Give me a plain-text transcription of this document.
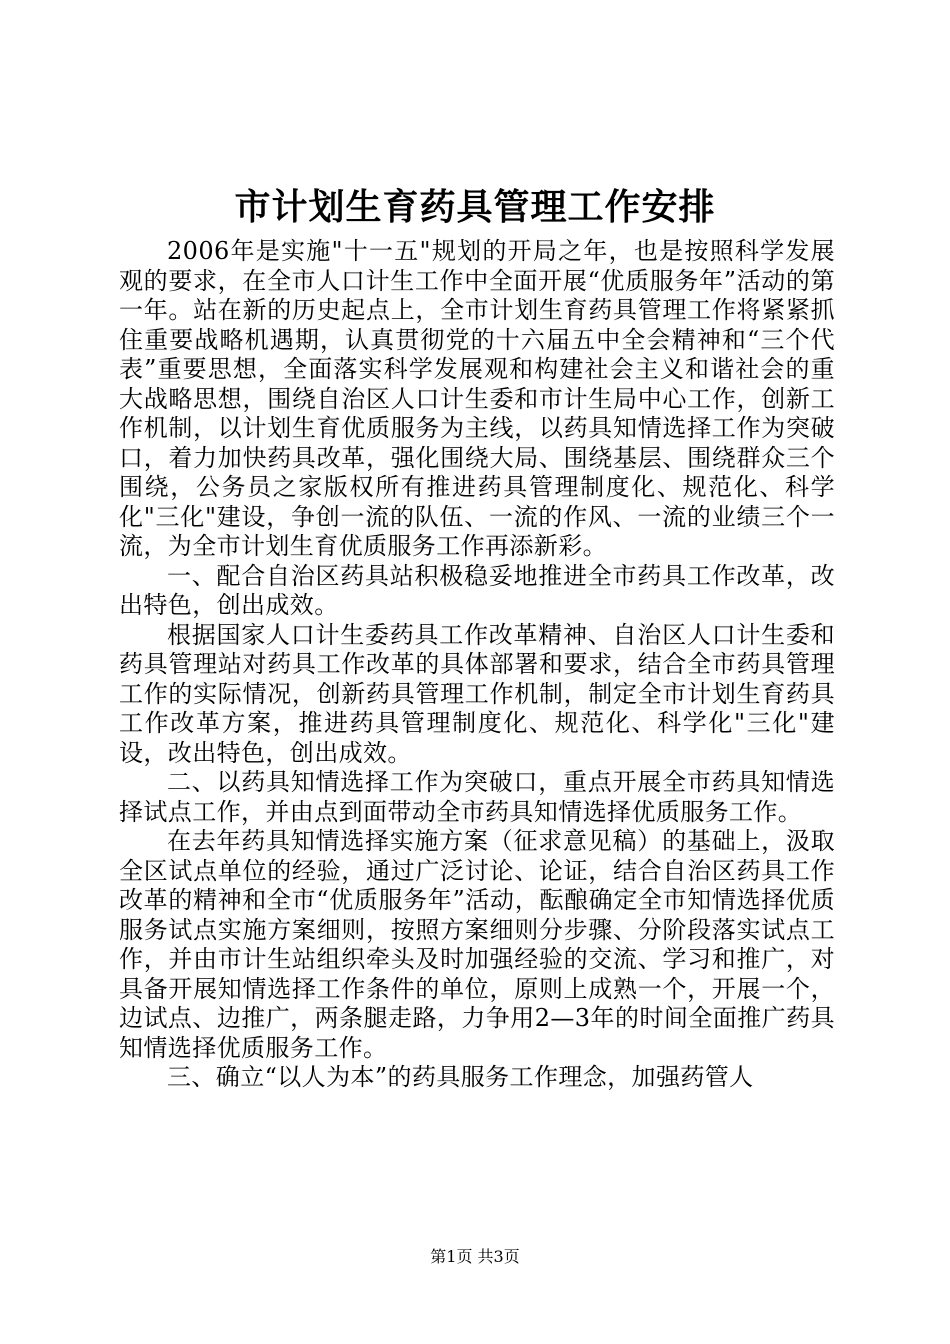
市计划生育药具管理工作安排

2006年是实施"十一五"规划的开局之年，也是按照科学发展观的要求，在全市人口计生工作中全面开展“优质服务年”活动的第一年。站在新的历史起点上，全市计划生育药具管理工作将紧紧抓住重要战略机遇期，认真贯彻党的十六届五中全会精神和“三个代表”重要思想，全面落实科学发展观和构建社会主义和谐社会的重大战略思想，围绕自治区人口计生委和市计生局中心工作，创新工作机制，以计划生育优质服务为主线，以药具知情选择工作为突破口，着力加快药具改革，强化围绕大局、围绕基层、围绕群众三个围绕，公务员之家版权所有推进药具管理制度化、规范化、科学化"三化"建设，争创一流的队伍、一流的作风、一流的业绩三个一流，为全市计划生育优质服务工作再添新彩。

一、配合自治区药具站积极稳妥地推进全市药具工作改革，改出特色，创出成效。

根据国家人口计生委药具工作改革精神、自治区人口计生委和药具管理站对药具工作改革的具体部署和要求，结合全市药具管理工作的实际情况，创新药具管理工作机制，制定全市计划生育药具工作改革方案，推进药具管理制度化、规范化、科学化"三化"建设，改出特色，创出成效。

二、以药具知情选择工作为突破口，重点开展全市药具知情选择试点工作，并由点到面带动全市药具知情选择优质服务工作。

在去年药具知情选择实施方案（征求意见稿）的基础上，汲取全区试点单位的经验，通过广泛讨论、论证，结合自治区药具工作改革的精神和全市“优质服务年”活动，酝酿确定全市知情选择优质服务试点实施方案细则，按照方案细则分步骤、分阶段落实试点工作，并由市计生站组织牵头及时加强经验的交流、学习和推广，对具备开展知情选择工作条件的单位，原则上成熟一个，开展一个，边试点、边推广，两条腿走路，力争用2—3年的时间全面推广药具知情选择优质服务工作。

三、确立“以人为本”的药具服务工作理念，加强药管人

第1页 共3页
